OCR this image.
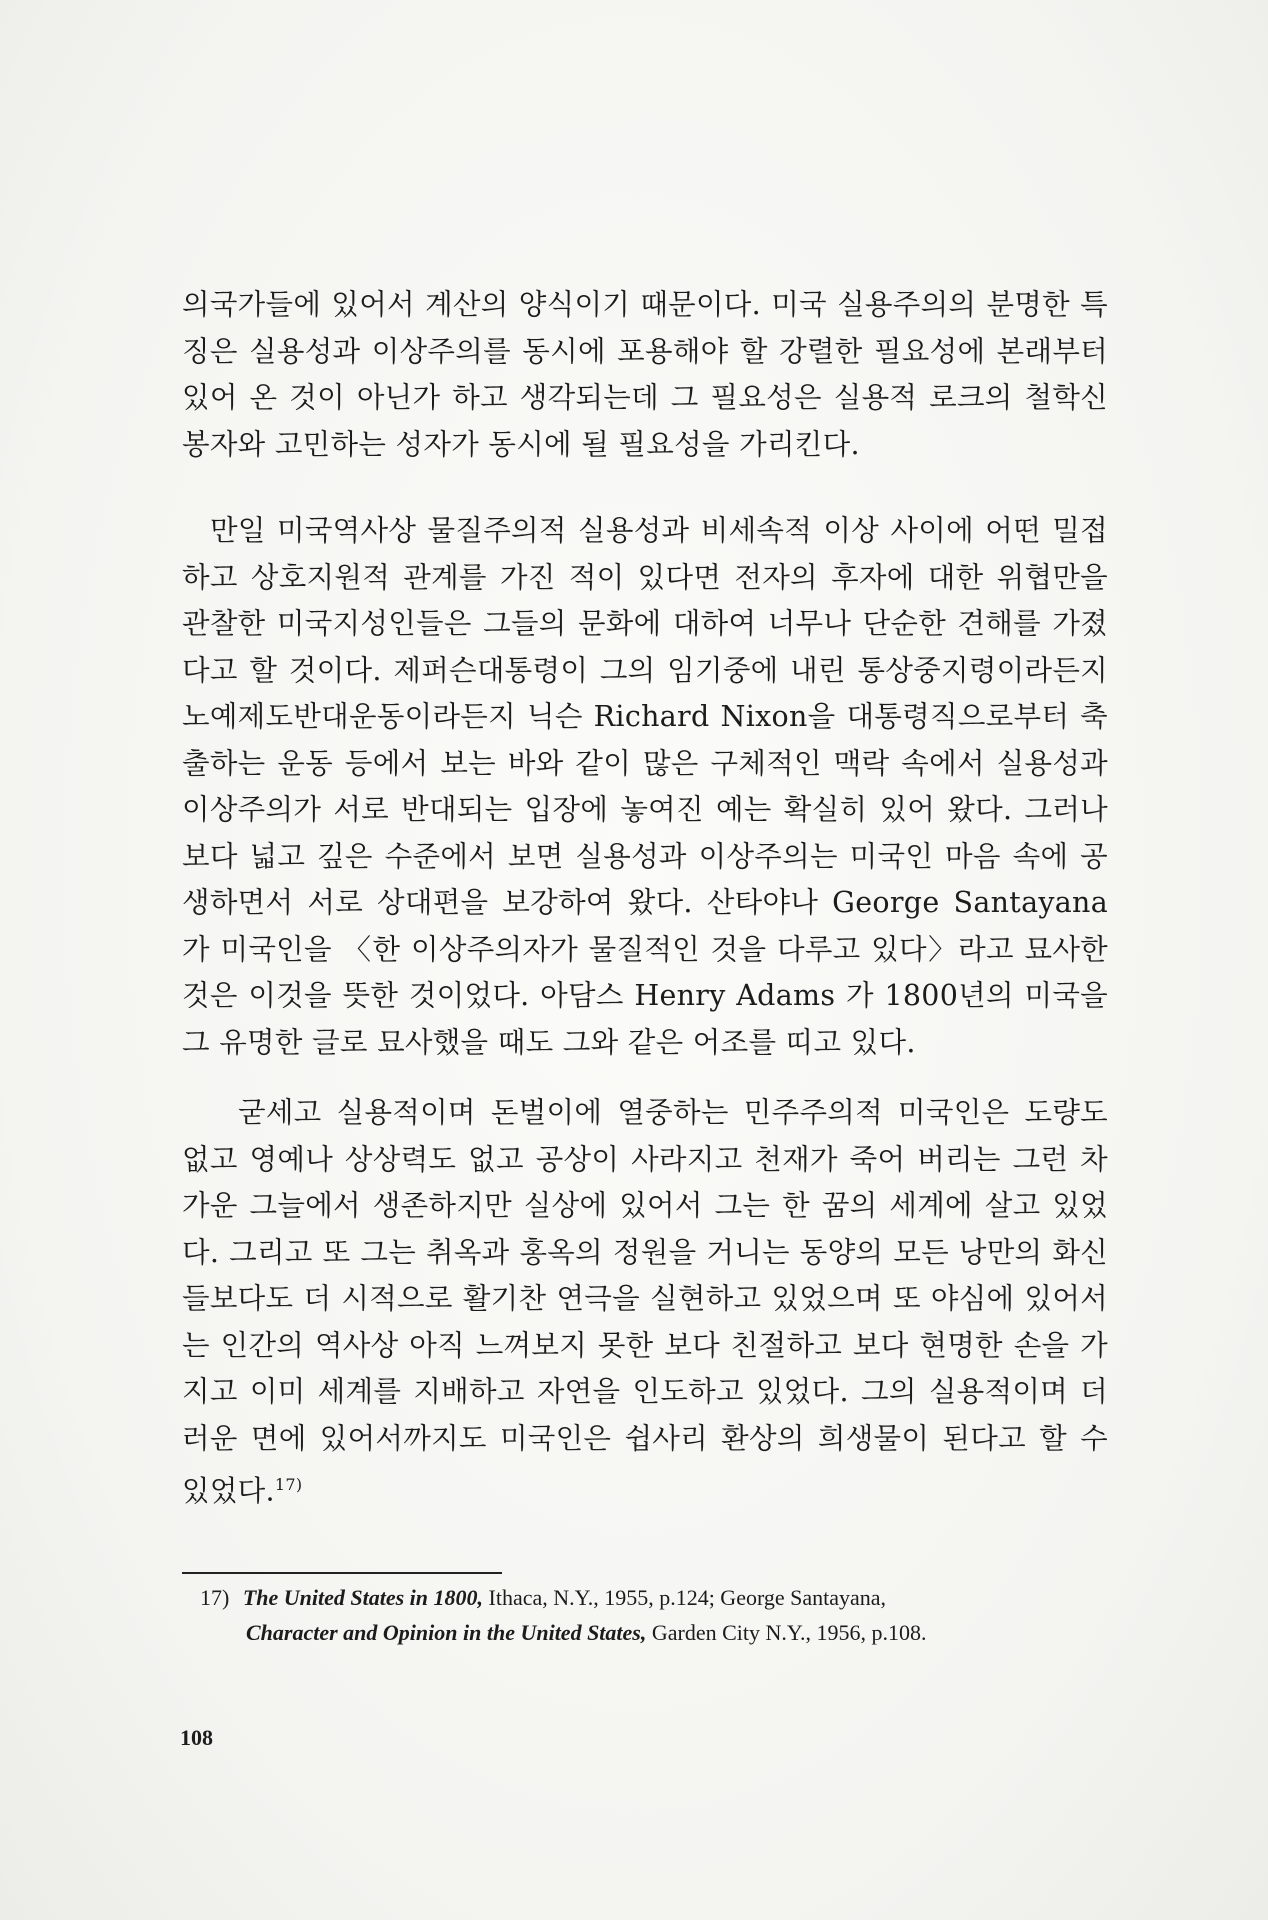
의국가들에 있어서 계산의 양식이기 때문이다. 미국 실용주의의 분명한 특징은 실용성과 이상주의를 동시에 포용해야 할 강렬한 필요성에 본래부터 있어 온 것이 아닌가 하고 생각되는데 그 필요성은 실용적 로크의 철학신봉자와 고민하는 성자가 동시에 될 필요성을 가리킨다.

만일 미국역사상 물질주의적 실용성과 비세속적 이상 사이에 어떤 밀접하고 상호지원적 관계를 가진 적이 있다면 전자의 후자에 대한 위협만을 관찰한 미국지성인들은 그들의 문화에 대하여 너무나 단순한 견해를 가졌다고 할 것이다. 제퍼슨대통령이 그의 임기중에 내린 통상중지령이라든지 노예제도반대운동이라든지 닉슨 Richard Nixon을 대통령직으로부터 축출하는 운동 등에서 보는 바와 같이 많은 구체적인 맥락 속에서 실용성과 이상주의가 서로 반대되는 입장에 놓여진 예는 확실히 있어 왔다. 그러나 보다 넓고 깊은 수준에서 보면 실용성과 이상주의는 미국인 마음 속에 공생하면서 서로 상대편을 보강하여 왔다. 산타야나 George Santayana 가 미국인을 〈한 이상주의자가 물질적인 것을 다루고 있다〉라고 묘사한 것은 이것을 뜻한 것이었다. 아담스 Henry Adams 가 1800년의 미국을 그 유명한 글로 묘사했을 때도 그와 같은 어조를 띠고 있다.

굳세고 실용적이며 돈벌이에 열중하는 민주주의적 미국인은 도량도 없고 영예나 상상력도 없고 공상이 사라지고 천재가 죽어 버리는 그런 차가운 그늘에서 생존하지만 실상에 있어서 그는 한 꿈의 세계에 살고 있었다. 그리고 또 그는 취옥과 홍옥의 정원을 거니는 동양의 모든 낭만의 화신들보다도 더 시적으로 활기찬 연극을 실현하고 있었으며 또 야심에 있어서는 인간의 역사상 아직 느껴보지 못한 보다 친절하고 보다 현명한 손을 가지고 이미 세계를 지배하고 자연을 인도하고 있었다. 그의 실용적이며 더러운 면에 있어서까지도 미국인은 쉽사리 환상의 희생물이 된다고 할 수 있었다.$^{17)}$

17) The United States in 1800, Ithaca, N.Y., 1955, p.124; George Santayana,
Character and Opinion in the United States, Garden City N.Y., 1956, p.108.
108
